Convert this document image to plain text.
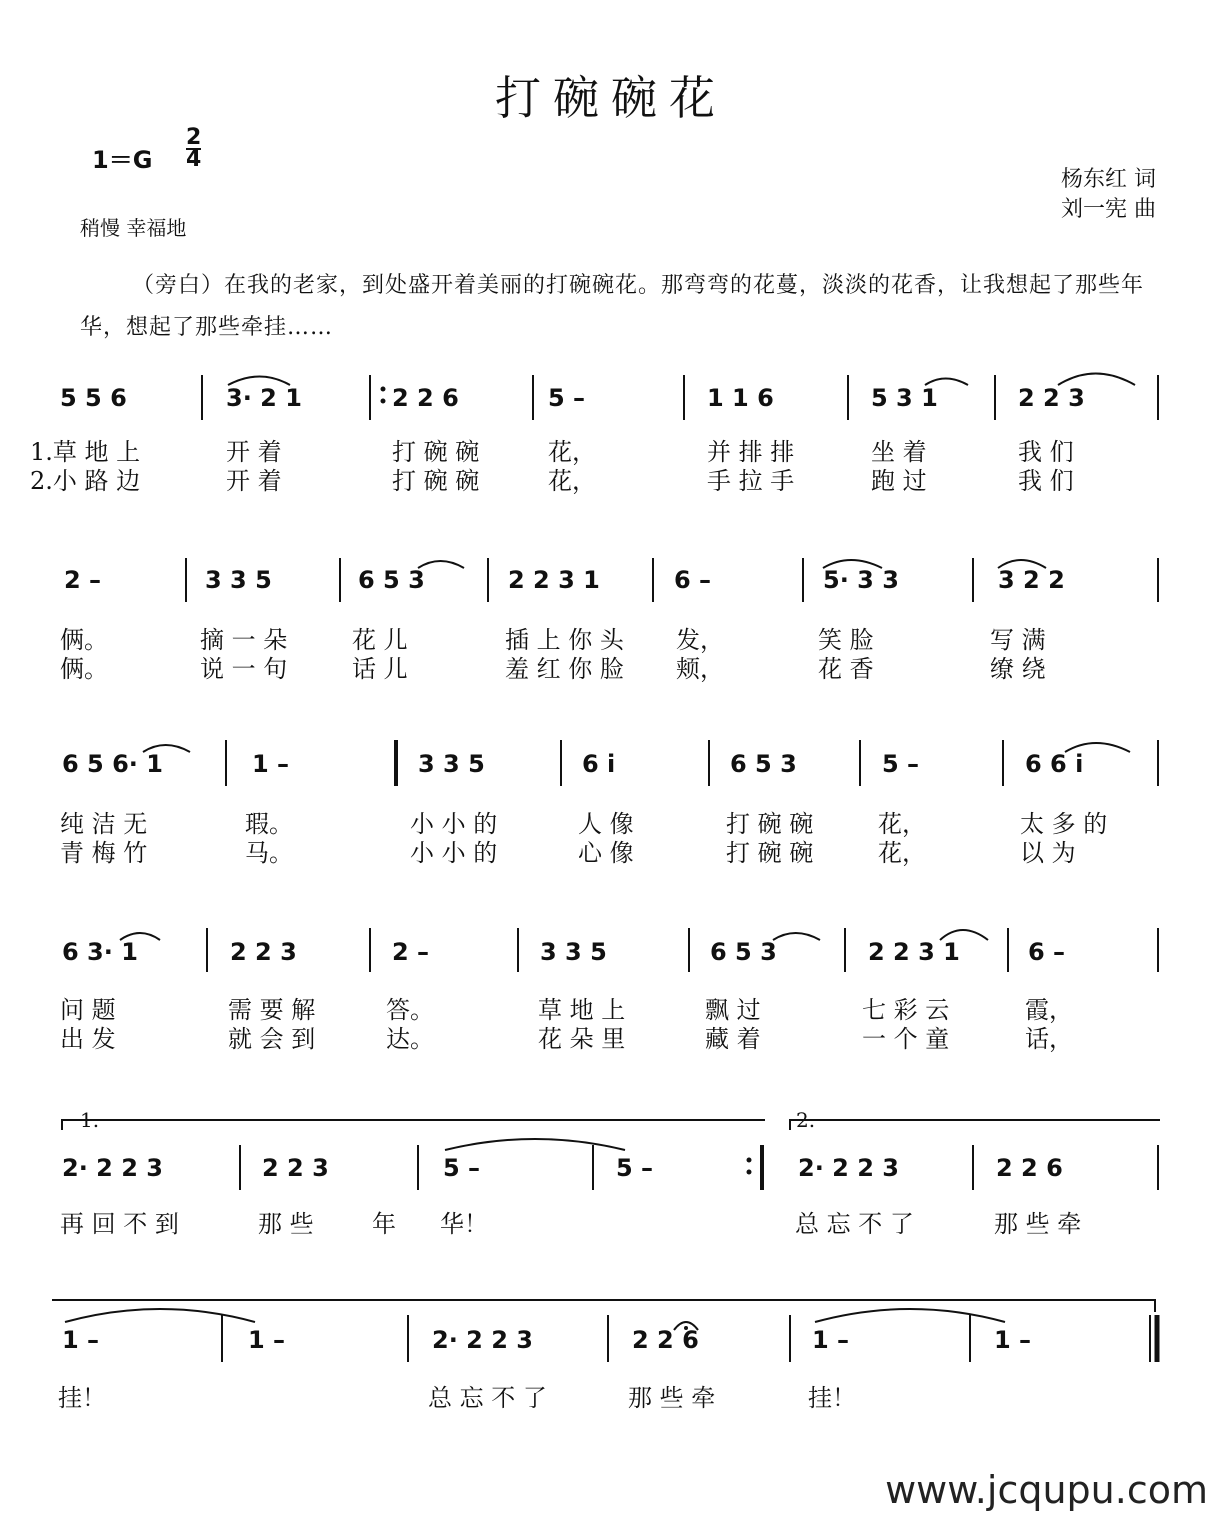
打碗碗花
1＝G
2
4
杨东红 词
刘一宪 曲
稍慢 幸福地
（旁白）在我的老家，到处盛开着美丽的打碗碗花。那弯弯的花蔓，淡淡的花香，让我想起了那些年华，想起了那些牵挂……
5 5 6	3· 2 1	2 2 6	5 –	1 1 6	5 3 1	2 2 3
1.草 地 上	开 着	打 碗 碗	花，	并 排 排	坐 着	我 们
2.小 路 边	开 着	打 碗 碗	花，	手 拉 手	跑 过	我 们
2 –	3 3 5	6 5 3	2 2 3 1	6 –	5· 3 3	3 2 2
俩。	摘 一 朵	花 儿	插 上 你 头 发，	笑 脸	写 满
俩。	说 一 句	话 儿	羞 红 你 脸 颊，	花 香	缭 绕
6 5 6· 1	1 –	3 3 5	6 i	6 5 3	5 –	6 6 i
纯 洁 无	瑕。	小 小 的	人 像	打 碗 碗	花，	太 多 的
青 梅 竹	马。	小 小 的	心 像	打 碗 碗	花，	以 为
6 3· 1	2 2 3	2 –	3 3 5	6 5 3	2 2 3 1	6 –
问 题	需 要 解	答。	草 地 上	飘 过	七 彩 云	霞，
出 发	就 会 到	达。	花 朵 里	藏 着	一 个 童	话，
1.	2.
2· 2 2 3	2 2 3	5 –	5 –	2· 2 2 3	2 2 6
再 回 不 到	那 些 年 华！	总 忘 不 了	那 些 牵
1 –	1 –	2· 2 2 3	2 2 6	1 –	1 –
挂！	总 忘 不 了	那 些 牵	挂！
www.jcqupu.com
